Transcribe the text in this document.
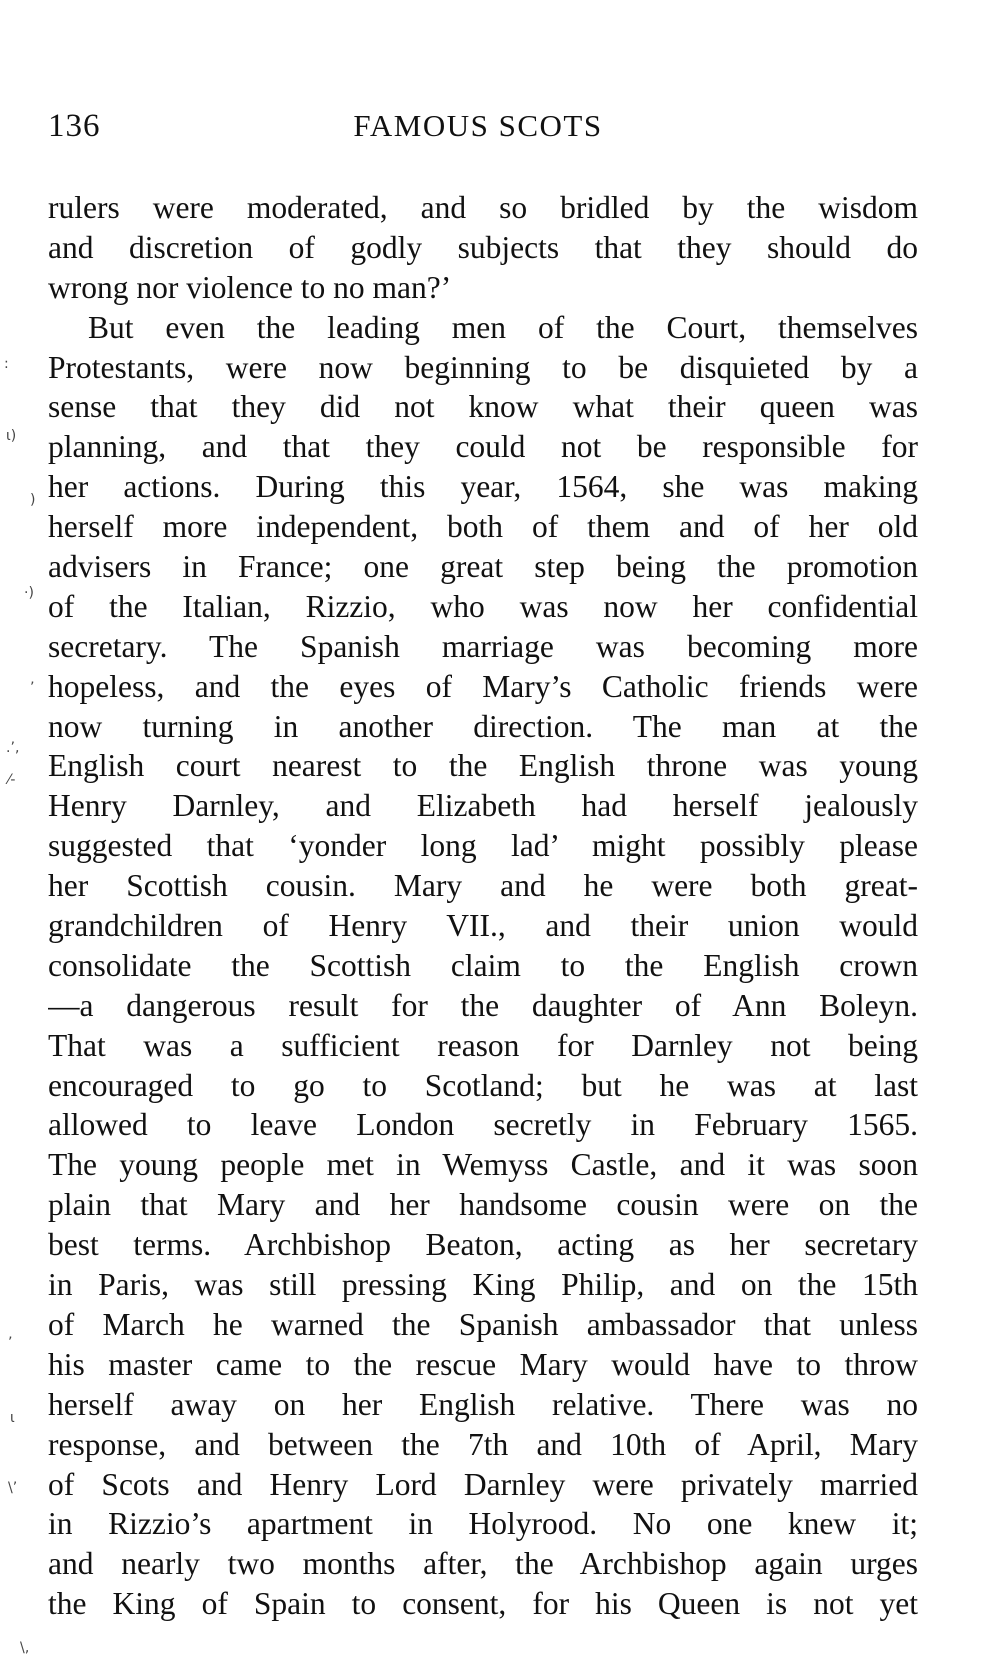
136	FAMOUS SCOTS
:
ι)
)
·)
’
.’‚
⁄-
’
ι
\’
\‚
rulers were moderated, and so bridled by the wisdom
and discretion of godly subjects that they should do
wrong nor violence to no man?’
But even the leading men of the Court, themselves
Protestants, were now beginning to be disquieted by a
sense that they did not know what their queen was
planning, and that they could not be responsible for
her actions. During this year, 1564, she was making
herself more independent, both of them and of her old
advisers in France; one great step being the promotion
of the Italian, Rizzio, who was now her confidential
secretary. The Spanish marriage was becoming more
hopeless, and the eyes of Mary’s Catholic friends were
now turning in another direction. The man at the
English court nearest to the English throne was young
Henry Darnley, and Elizabeth had herself jealously
suggested that ‘yonder long lad’ might possibly please
her Scottish cousin. Mary and he were both great-
grandchildren of Henry VII., and their union would
consolidate the Scottish claim to the English crown
—a dangerous result for the daughter of Ann Boleyn.
That was a sufficient reason for Darnley not being
encouraged to go to Scotland; but he was at last
allowed to leave London secretly in February 1565.
The young people met in Wemyss Castle, and it was soon
plain that Mary and her handsome cousin were on the
best terms. Archbishop Beaton, acting as her secretary
in Paris, was still pressing King Philip, and on the 15th
of March he warned the Spanish ambassador that unless
his master came to the rescue Mary would have to throw
herself away on her English relative. There was no
response, and between the 7th and 10th of April, Mary
of Scots and Henry Lord Darnley were privately married
in Rizzio’s apartment in Holyrood. No one knew it;
and nearly two months after, the Archbishop again urges
the King of Spain to consent, for his Queen is not yet
